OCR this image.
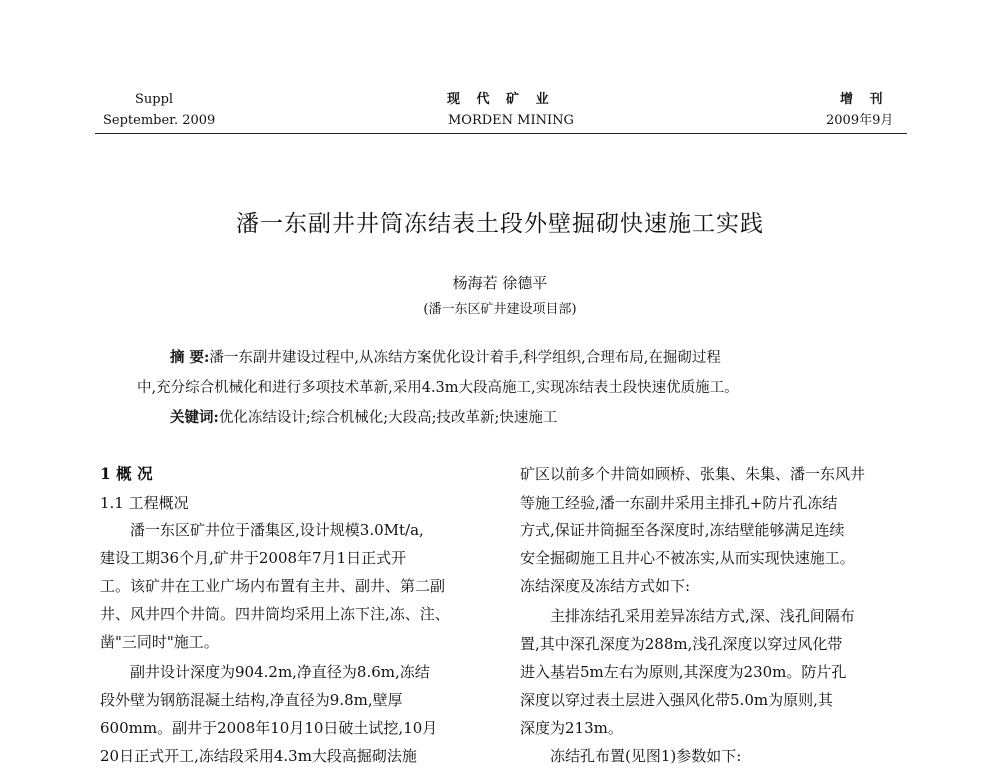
Suppl
September. 2009
现 代 矿 业
MORDEN MINING
增 刊
2009年9月
潘一东副井井筒冻结表土段外壁掘砌快速施工实践
杨海若 徐德平
(潘一东区矿井建设项目部)
摘 要:潘一东副井建设过程中,从冻结方案优化设计着手,科学组织,合理布局,在掘砌过程
中,充分综合机械化和进行多项技术革新,采用4.3m大段高施工,实现冻结表土段快速优质施工。
关键词:优化冻结设计;综合机械化;大段高;技改革新;快速施工
1 概 况
1.1 工程概况
潘一东区矿井位于潘集区,设计规模3.0Mt/a,
建设工期36个月,矿井于2008年7月1日正式开
工。该矿井在工业广场内布置有主井、副井、第二副
井、风井四个井筒。四井筒均采用上冻下注,冻、注、
凿"三同时"施工。
副井设计深度为904.2m,净直径为8.6m,冻结
段外壁为钢筋混凝土结构,净直径为9.8m,壁厚
600mm。副井于2008年10月10日破土试挖,10月
20日正式开工,冻结段采用4.3m大段高掘砌法施
矿区以前多个井筒如顾桥、张集、朱集、潘一东风井
等施工经验,潘一东副井采用主排孔+防片孔冻结
方式,保证井筒掘至各深度时,冻结壁能够满足连续
安全掘砌施工且井心不被冻实,从而实现快速施工。
冻结深度及冻结方式如下:
主排冻结孔采用差异冻结方式,深、浅孔间隔布
置,其中深孔深度为288m,浅孔深度以穿过风化带
进入基岩5m左右为原则,其深度为230m。防片孔
深度以穿过表土层进入强风化带5.0m为原则,其
深度为213m。
冻结孔布置(见图1)参数如下:
